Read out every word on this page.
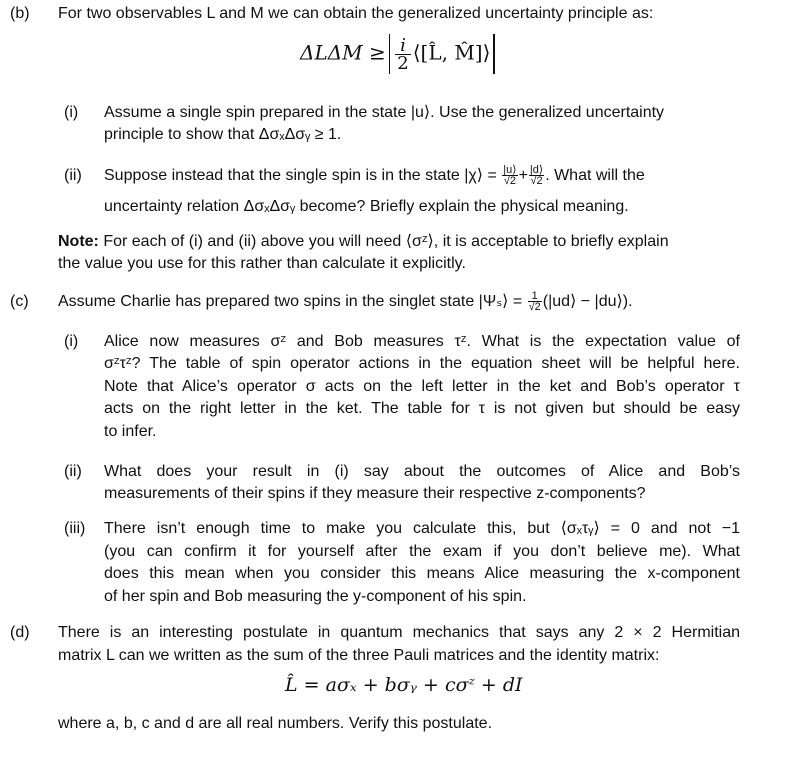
(b) For two observables L and M we can obtain the generalized uncertainty principle as:
$\Delta L\Delta M \ge \frac{i}{2}$ ⟨[L̂, M̂]⟩
(i) Assume a single spin prepared in the state |u⟩. Use the generalized uncertainty
principle to show that ΔσₓΔσᵧ ≥ 1.
(ii) Suppose instead that the single spin is in the state |χ⟩ = $\frac{|u⟩}{√2} + \frac{|d⟩}{√2}$ . What will the
uncertainty relation ΔσₓΔσᵧ become? Briefly explain the physical meaning.
Note: For each of (i) and (ii) above you will need ⟨σᶻ⟩, it is acceptable to briefly explain
the value you use for this rather than calculate it explicitly.
(c) Assume Charlie has prepared two spins in the singlet state |Ψₛ⟩ = $\frac{1}{√2}$ (|ud⟩ − |du⟩).
(i) Alice now measures σᶻ and Bob measures τᶻ. What is the expectation value of
σᶻτᶻ? The table of spin operator actions in the equation sheet will be helpful here.
Note that Alice’s operator σ acts on the left letter in the ket and Bob’s operator τ
acts on the right letter in the ket. The table for τ is not given but should be easy
to infer.
(ii) What does your result in (i) say about the outcomes of Alice and Bob’s
measurements of their spins if they measure their respective z-components?
(iii) There isn’t enough time to make you calculate this, but ⟨σₓτᵧ⟩ = 0 and not −1
(you can confirm it for yourself after the exam if you don’t believe me). What
does this mean when you consider this means Alice measuring the x-component
of her spin and Bob measuring the y-component of his spin.
(d) There is an interesting postulate in quantum mechanics that says any 2 × 2 Hermitian
matrix L can we written as the sum of the three Pauli matrices and the identity matrix:
L̂ = aσₓ + bσᵧ + cσᶻ + dI
where a, b, c and d are all real numbers. Verify this postulate.
